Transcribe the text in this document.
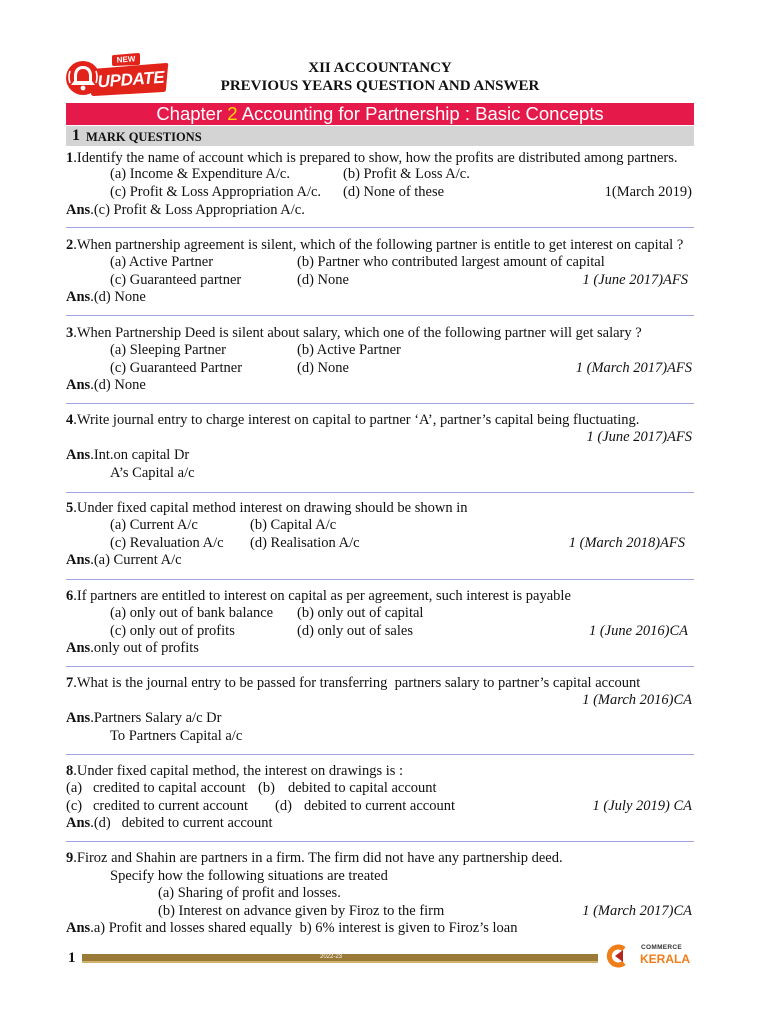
NEW
UPDATE	XII ACCOUNTANCY
PREVIOUS YEARS QUESTION AND ANSWER
Chapter 2 Accounting for Partnership : Basic Concepts
1 MARK QUESTIONS
1.Identify the name of account which is prepared to show, how the profits are distributed among partners.
(a) Income & Expenditure A/c.	(b) Profit & Loss A/c.
(c) Profit & Loss Appropriation A/c. (d) None of these	1(March 2019)
Ans.(c) Profit & Loss Appropriation A/c.
2.When partnership agreement is silent, which of the following partner is entitle to get interest on capital ?
(a) Active Partner	(b) Partner who contributed largest amount of capital
(c) Guaranteed partner	(d) None	1 (June 2017)AFS
Ans.(d) None
3.When Partnership Deed is silent about salary, which one of the following partner will get salary ?
(a) Sleeping Partner	(b) Active Partner
(c) Guaranteed Partner	(d) None	1 (March 2017)AFS
Ans.(d) None
4.Write journal entry to charge interest on capital to partner ‘A’, partner’s capital being fluctuating.
1 (June 2017)AFS
Ans.Int.on capital Dr
A’s Capital a/c
5.Under fixed capital method interest on drawing should be shown in
(a) Current A/c	(b) Capital A/c
(c) Revaluation A/c (d) Realisation A/c	1 (March 2018)AFS
Ans.(a) Current A/c
6.If partners are entitled to interest on capital as per agreement, such interest is payable
(a) only out of bank balance (b) only out of capital
(c) only out of profits	(d) only out of sales	1 (June 2016)CA
Ans.only out of profits
7.What is the journal entry to be passed for transferring  partners salary to partner’s capital account
1 (March 2016)CA
Ans.Partners Salary a/c Dr
To Partners Capital a/c
8.Under fixed capital method, the interest on drawings is :
(a) credited to capital account (b) debited to capital account
(c) credited to current account (d) debited to current account	1 (July 2019) CA
Ans.(d)   debited to current account
9.Firoz and Shahin are partners in a firm. The firm did not have any partnership deed.
Specify how the following situations are treated
(a) Sharing of profit and losses.
(b) Interest on advance given by Firoz to the firm	1 (March 2017)CA
Ans.a) Profit and losses shared equally  b) 6% interest is given to Firoz’s loan
1	2022-23
COMMERCE
KERALA
